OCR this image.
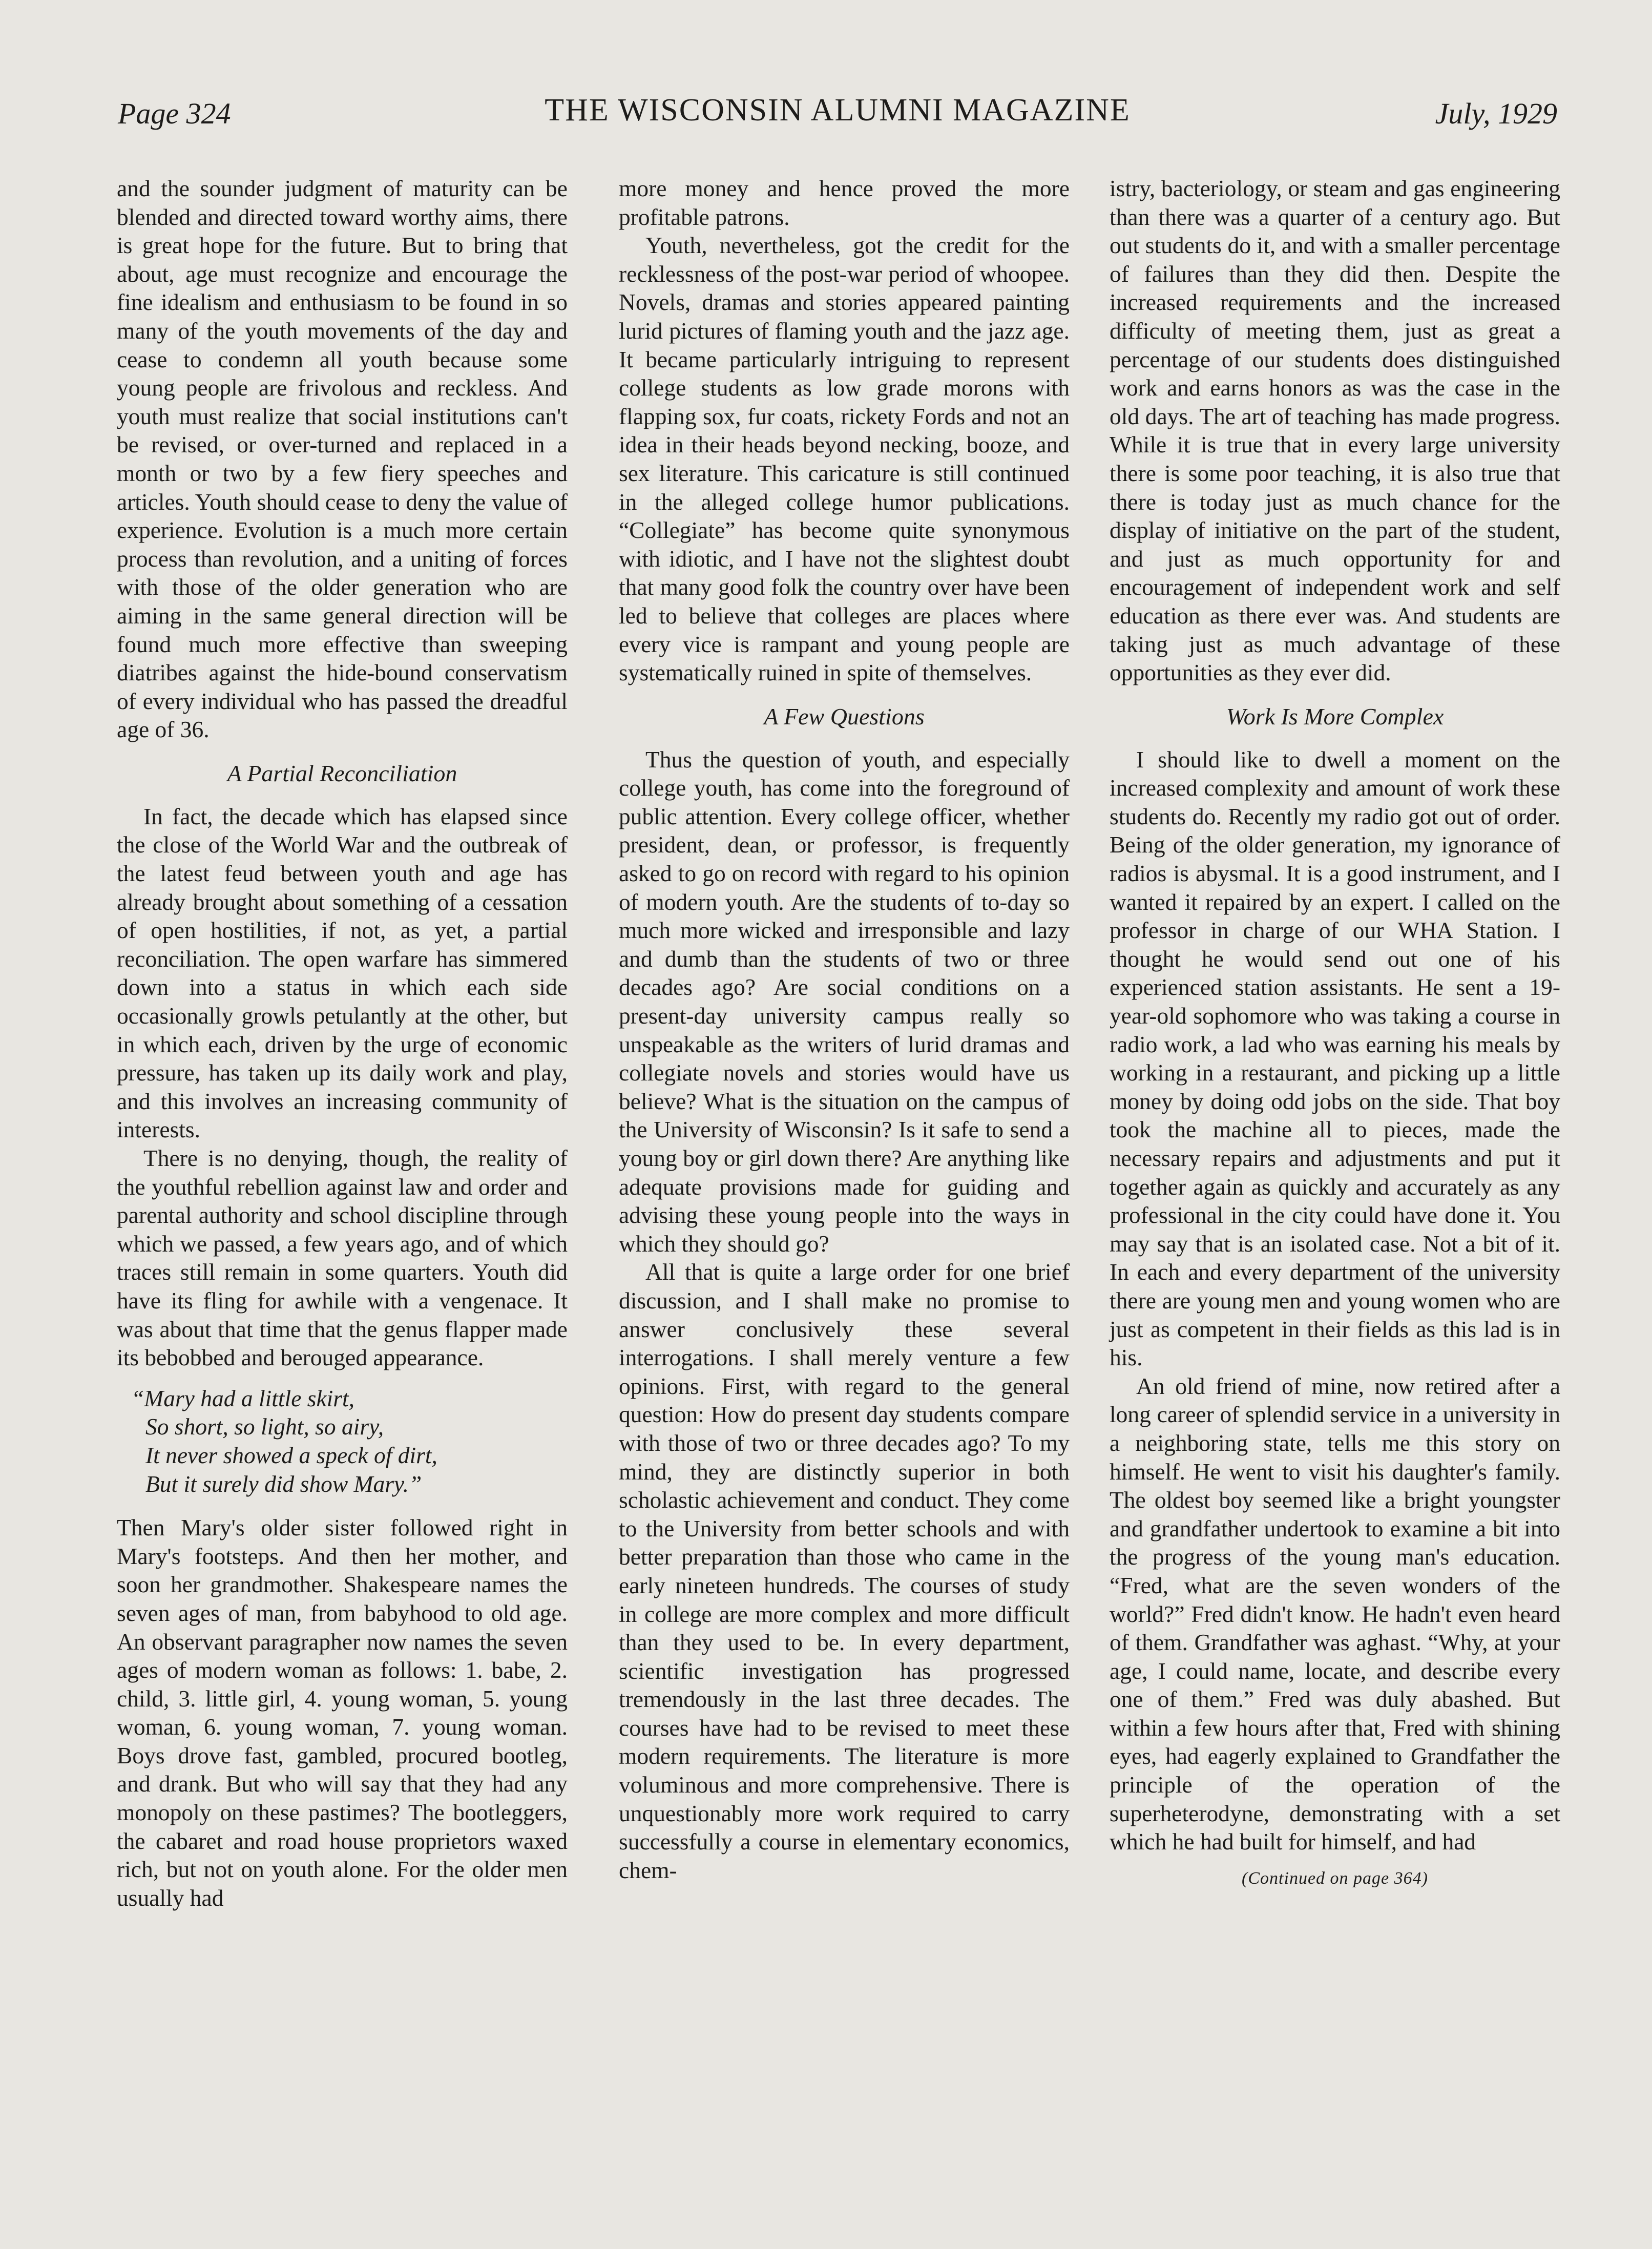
Page 324	THE WISCONSIN ALUMNI MAGAZINE	July, 1929

and the sounder judgment of maturity can be blended and directed toward worthy aims, there is great hope for the future. But to bring that about, age must recognize and encourage the fine idealism and enthusiasm to be found in so many of the youth movements of the day and cease to condemn all youth because some young people are frivolous and reckless. And youth must realize that social institutions can't be revised, or over-turned and replaced in a month or two by a few fiery speeches and articles. Youth should cease to deny the value of experience. Evolution is a much more certain process than revolution, and a uniting of forces with those of the older generation who are aiming in the same general direction will be found much more effective than sweeping diatribes against the hide-bound conservatism of every individual who has passed the dreadful age of 36.

A Partial Reconciliation

In fact, the decade which has elapsed since the close of the World War and the outbreak of the latest feud between youth and age has already brought about something of a cessation of open hostilities, if not, as yet, a partial reconciliation. The open warfare has simmered down into a status in which each side occasionally growls petulantly at the other, but in which each, driven by the urge of economic pressure, has taken up its daily work and play, and this involves an increasing community of interests.

There is no denying, though, the reality of the youthful rebellion against law and order and parental authority and school discipline through which we passed, a few years ago, and of which traces still remain in some quarters. Youth did have its fling for awhile with a vengenace. It was about that time that the genus flapper made its bebobbed and berouged appearance.

“Mary had a little skirt,
So short, so light, so airy,
It never showed a speck of dirt,
But it surely did show Mary.”

Then Mary's older sister followed right in Mary's footsteps. And then her mother, and soon her grandmother. Shakespeare names the seven ages of man, from babyhood to old age. An observant paragrapher now names the seven ages of modern woman as follows: 1. babe, 2. child, 3. little girl, 4. young woman, 5. young woman, 6. young woman, 7. young woman. Boys drove fast, gambled, procured bootleg, and drank. But who will say that they had any monopoly on these pastimes? The bootleggers, the cabaret and road house proprietors waxed rich, but not on youth alone. For the older men usually had

more money and hence proved the more profitable patrons.

Youth, nevertheless, got the credit for the recklessness of the post-war period of whoopee. Novels, dramas and stories appeared painting lurid pictures of flaming youth and the jazz age. It became particularly intriguing to represent college students as low grade morons with flapping sox, fur coats, rickety Fords and not an idea in their heads beyond necking, booze, and sex literature. This caricature is still continued in the alleged college humor publications. “Collegiate” has become quite synonymous with idiotic, and I have not the slightest doubt that many good folk the country over have been led to believe that colleges are places where every vice is rampant and young people are systematically ruined in spite of themselves.

A Few Questions

Thus the question of youth, and especially college youth, has come into the foreground of public attention. Every college officer, whether president, dean, or professor, is frequently asked to go on record with regard to his opinion of modern youth. Are the students of to-day so much more wicked and irresponsible and lazy and dumb than the students of two or three decades ago? Are social conditions on a present-day university campus really so unspeakable as the writers of lurid dramas and collegiate novels and stories would have us believe? What is the situation on the campus of the University of Wisconsin? Is it safe to send a young boy or girl down there? Are anything like adequate provisions made for guiding and advising these young people into the ways in which they should go?

All that is quite a large order for one brief discussion, and I shall make no promise to answer conclusively these several interrogations. I shall merely venture a few opinions. First, with regard to the general question: How do present day students compare with those of two or three decades ago? To my mind, they are distinctly superior in both scholastic achievement and conduct. They come to the University from better schools and with better preparation than those who came in the early nineteen hundreds. The courses of study in college are more complex and more difficult than they used to be. In every department, scientific investigation has progressed tremendously in the last three decades. The courses have had to be revised to meet these modern requirements. The literature is more voluminous and more comprehensive. There is unquestionably more work required to carry successfully a course in elementary economics, chem-

istry, bacteriology, or steam and gas engineering than there was a quarter of a century ago. But out students do it, and with a smaller percentage of failures than they did then. Despite the increased requirements and the increased difficulty of meeting them, just as great a percentage of our students does distinguished work and earns honors as was the case in the old days. The art of teaching has made progress. While it is true that in every large university there is some poor teaching, it is also true that there is today just as much chance for the display of initiative on the part of the student, and just as much opportunity for and encouragement of independent work and self education as there ever was. And students are taking just as much advantage of these opportunities as they ever did.

Work Is More Complex

I should like to dwell a moment on the increased complexity and amount of work these students do. Recently my radio got out of order. Being of the older generation, my ignorance of radios is abysmal. It is a good instrument, and I wanted it repaired by an expert. I called on the professor in charge of our WHA Station. I thought he would send out one of his experienced station assistants. He sent a 19-year-old sophomore who was taking a course in radio work, a lad who was earning his meals by working in a restaurant, and picking up a little money by doing odd jobs on the side. That boy took the machine all to pieces, made the necessary repairs and adjustments and put it together again as quickly and accurately as any professional in the city could have done it. You may say that is an isolated case. Not a bit of it. In each and every department of the university there are young men and young women who are just as competent in their fields as this lad is in his.

An old friend of mine, now retired after a long career of splendid service in a university in a neighboring state, tells me this story on himself. He went to visit his daughter's family. The oldest boy seemed like a bright youngster and grandfather undertook to examine a bit into the progress of the young man's education. “Fred, what are the seven wonders of the world?” Fred didn't know. He hadn't even heard of them. Grandfather was aghast. “Why, at your age, I could name, locate, and describe every one of them.” Fred was duly abashed. But within a few hours after that, Fred with shining eyes, had eagerly explained to Grandfather the principle of the operation of the superheterodyne, demonstrating with a set which he had built for himself, and had

(Continued on page 364)
